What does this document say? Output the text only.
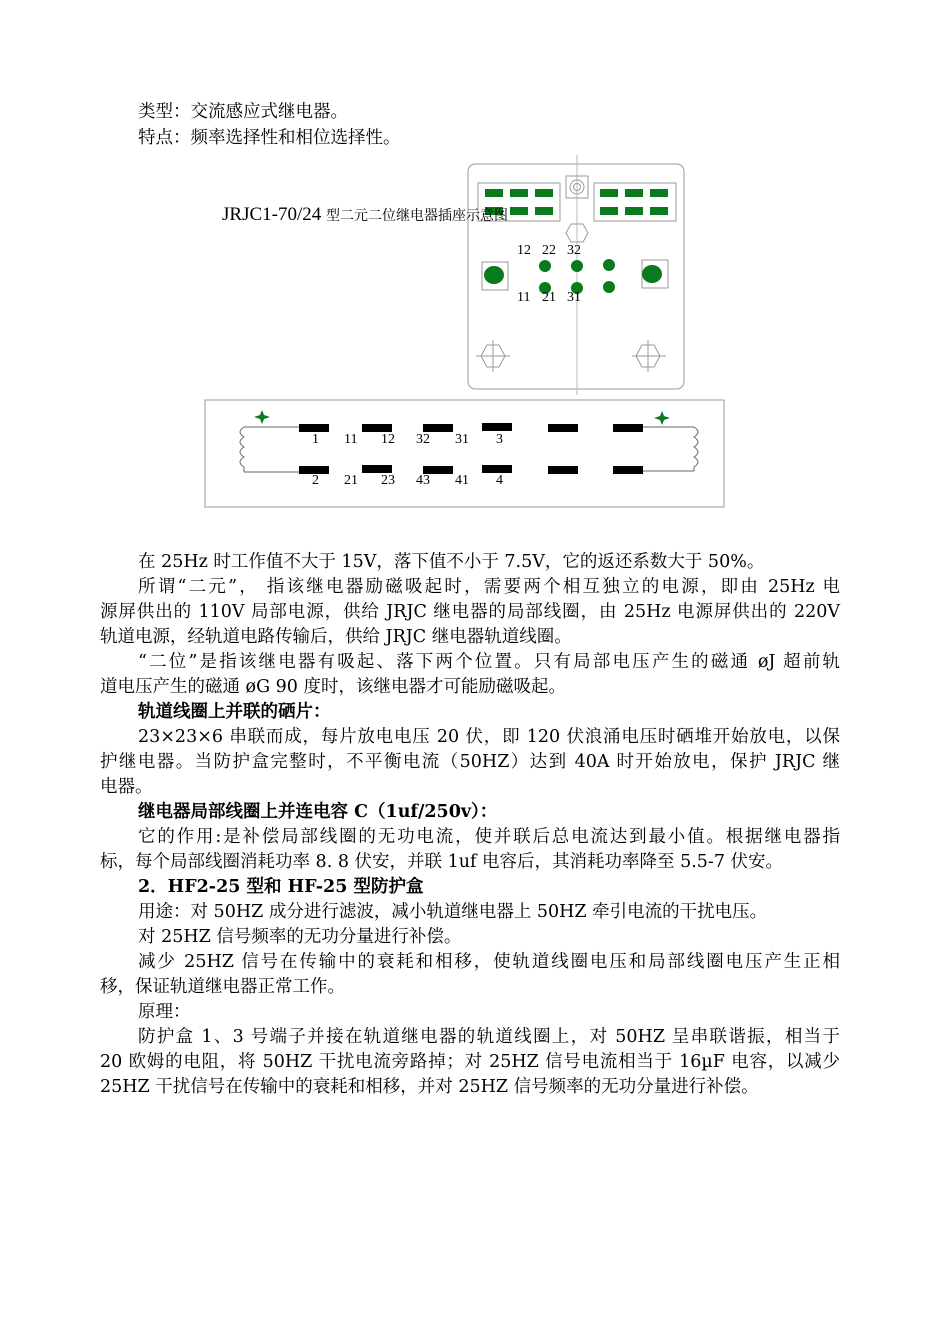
类型：交流感应式继电器。
特点：频率选择性和相位选择性。
JRJC1-70/24 型二元二位继电器插座示意图
12 22 32
11 21 31
1 11 12 32 31 3
2 21 23 43 41 4
在 25Hz 时工作值不大于 15V，落下值不小于 7.5V，它的返还系数大于 50%。
所谓“二元”， 指该继电器励磁吸起时，需要两个相互独立的电源，即由 25Hz 电
源屏供出的 110V 局部电源，供给 JRJC 继电器的局部线圈，由 25Hz 电源屏供出的 220V
轨道电源，经轨道电路传输后，供给 JRJC 继电器轨道线圈。
“二位”是指该继电器有吸起、落下两个位置。只有局部电压产生的磁通 øJ 超前轨
道电压产生的磁通 øG 90 度时，该继电器才可能励磁吸起。
轨道线圈上并联的硒片：
23×23×6 串联而成，每片放电电压 20 伏，即 120 伏浪涌电压时硒堆开始放电，以保
护继电器。当防护盒完整时，不平衡电流（50HZ）达到 40A 时开始放电，保护 JRJC 继
电器。
继电器局部线圈上并连电容 C（1uf/250v）：
它的作用:是补偿局部线圈的无功电流，使并联后总电流达到最小值。根据继电器指
标，每个局部线圈消耗功率 8. 8 伏安，并联 1uf 电容后，其消耗功率降至 5.5-7 伏安。
2．HF2-25 型和 HF-25 型防护盒
用途：对 50HZ 成分进行滤波，减小轨道继电器上 50HZ 牵引电流的干扰电压。
对 25HZ 信号频率的无功分量进行补偿。
减少 25HZ 信号在传输中的衰耗和相移，使轨道线圈电压和局部线圈电压产生正相
移，保证轨道继电器正常工作。
原理：
防护盒 1、3 号端子并接在轨道继电器的轨道线圈上，对 50HZ 呈串联谐振，相当于
20 欧姆的电阻，将 50HZ 干扰电流旁路掉；对 25HZ 信号电流相当于 16µF 电容，以减少
25HZ 干扰信号在传输中的衰耗和相移，并对 25HZ 信号频率的无功分量进行补偿。
